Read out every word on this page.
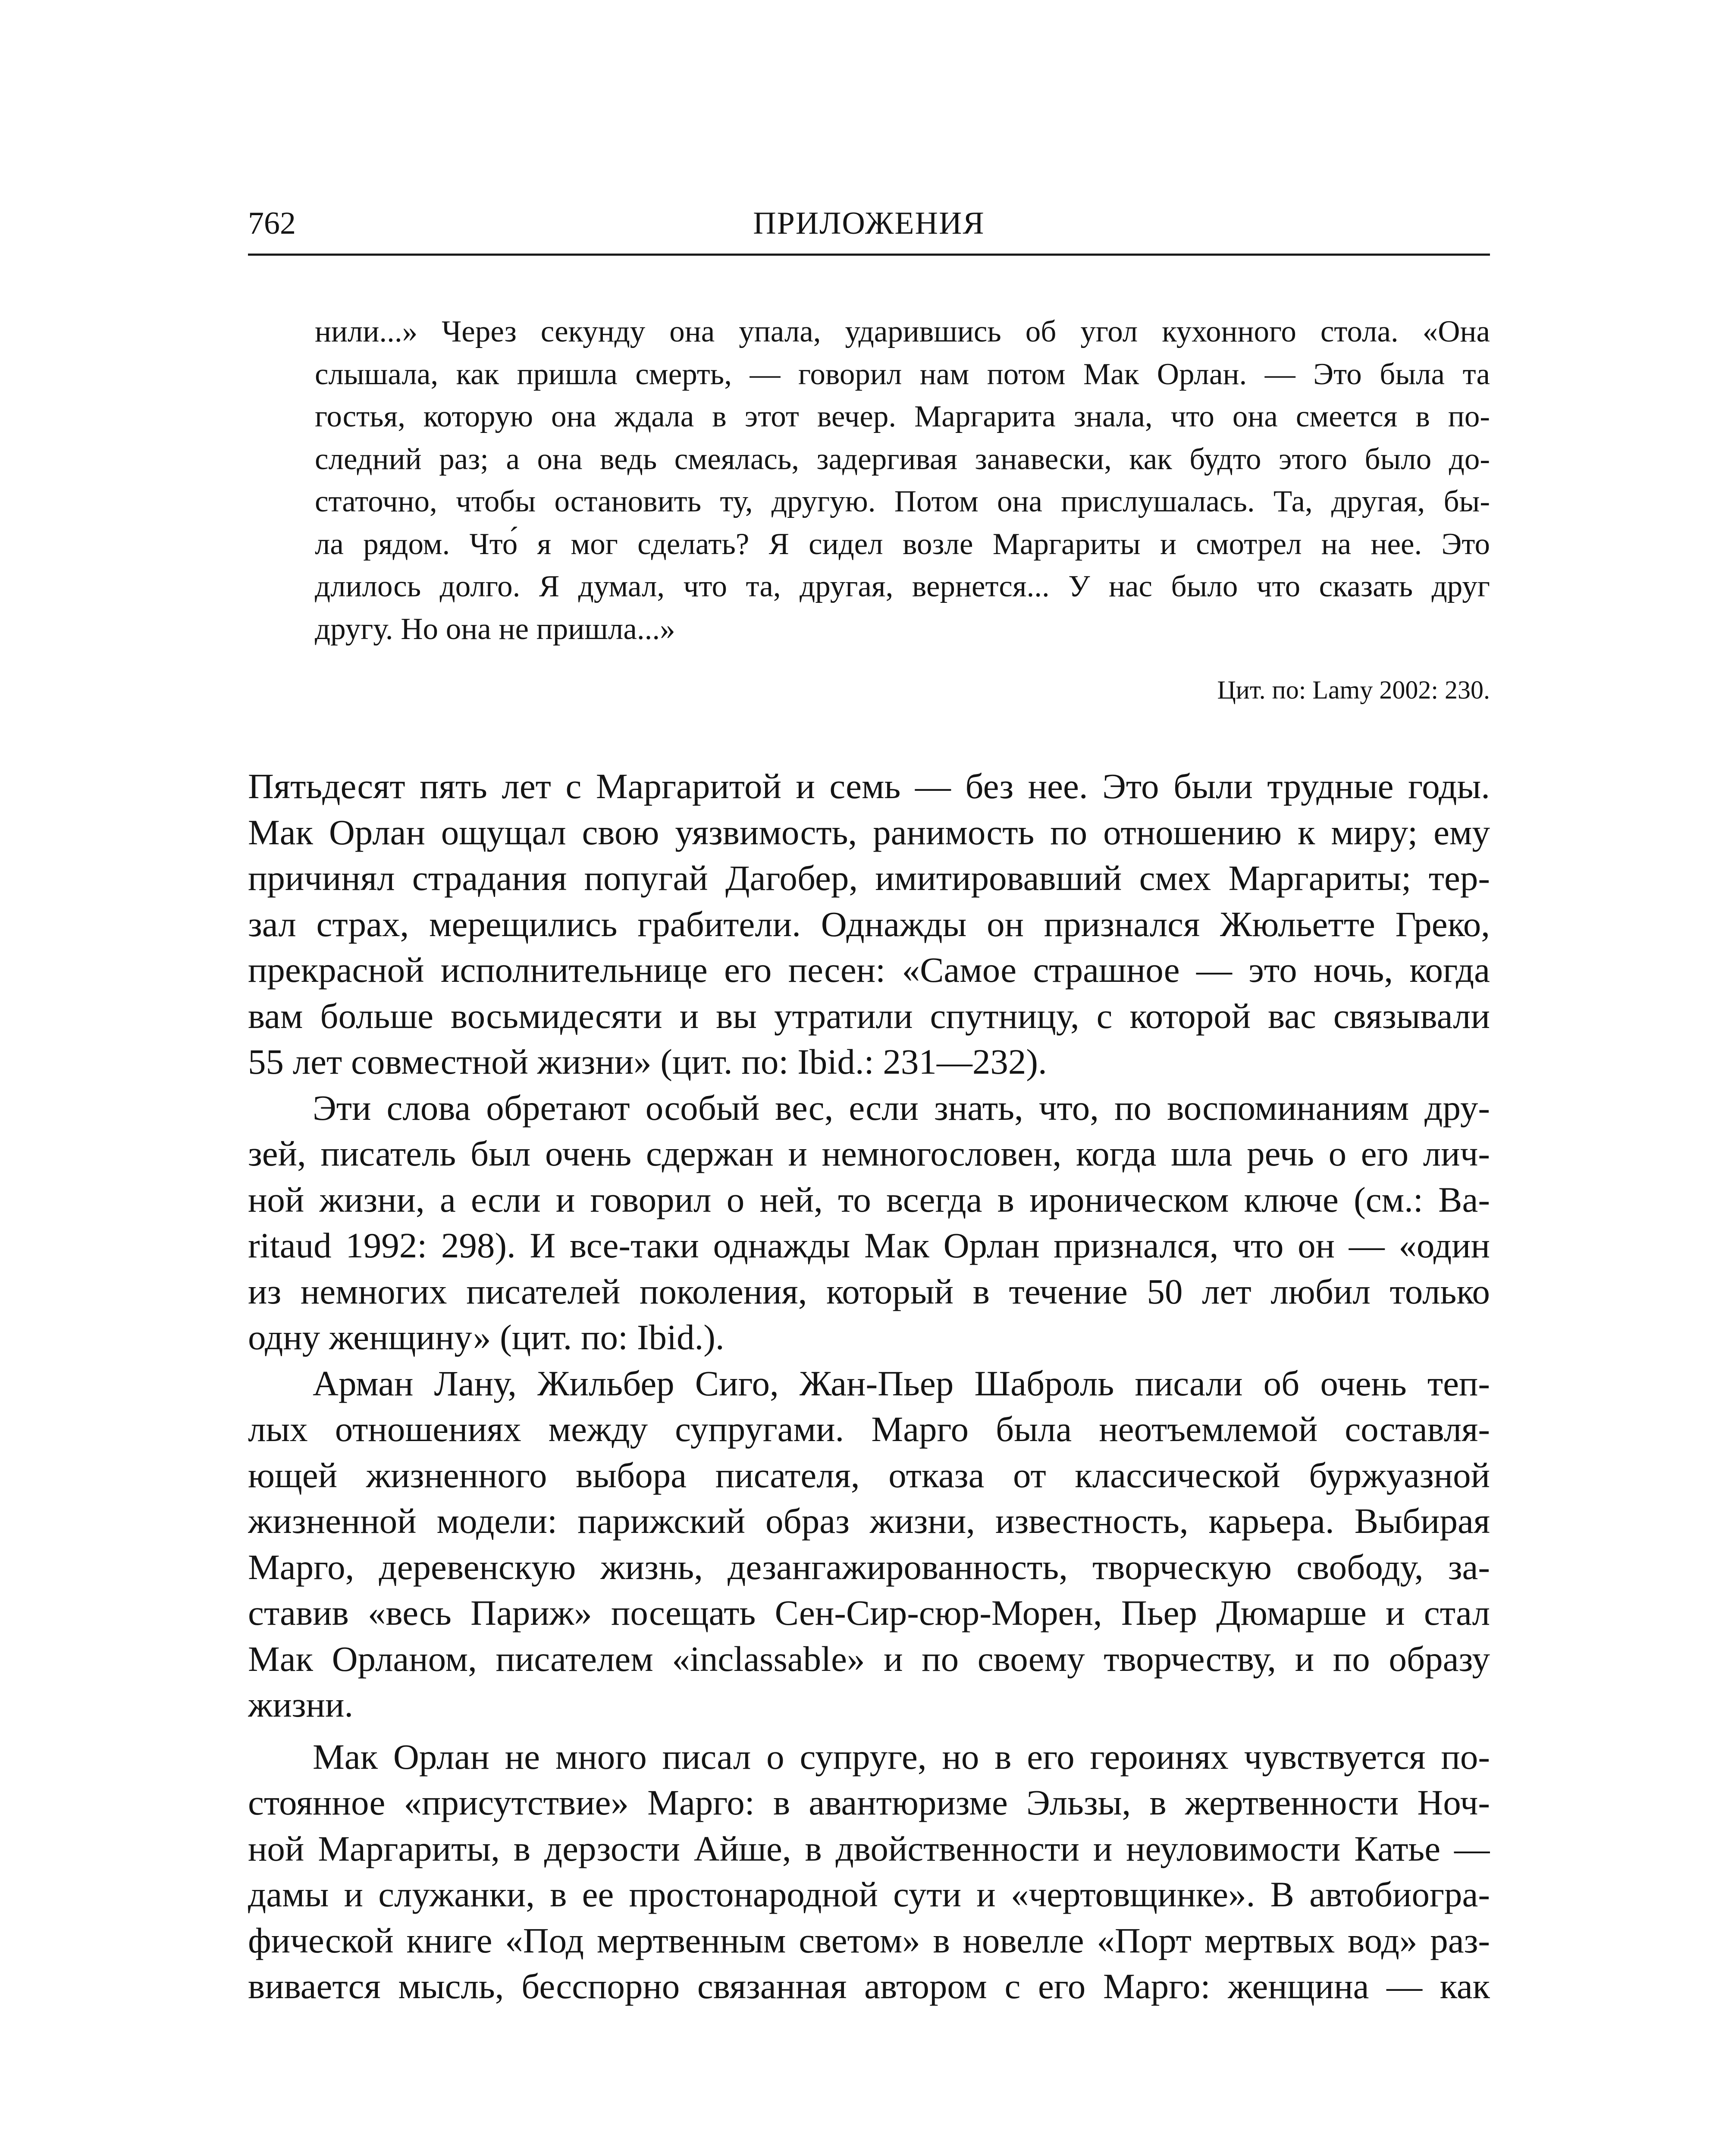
762	ПРИЛОЖЕНИЯ
нили...» Через секунду она упала, ударившись об угол кухонного стола. «Она
слышала, как пришла смерть, — говорил нам потом Мак Орлан. — Это была та
гостья, которую она ждала в этот вечер. Маргарита знала, что она смеется в по-
следний раз; а она ведь смеялась, задергивая занавески, как будто этого было до-
статочно, чтобы остановить ту, другую. Потом она прислушалась. Та, другая, бы-
ла рядом. Что́ я мог сделать? Я сидел возле Маргариты и смотрел на нее. Это
длилось долго. Я думал, что та, другая, вернется... У нас было что сказать друг
другу. Но она не пришла...»
Цит. по: Lamy 2002: 230.
Пятьдесят пять лет с Маргаритой и семь — без нее. Это были трудные годы.
Мак Орлан ощущал свою уязвимость, ранимость по отношению к миру; ему
причинял страдания попугай Дагобер, имитировавший смех Маргариты; тер-
зал страх, мерещились грабители. Однажды он признался Жюльетте Греко,
прекрасной исполнительнице его песен: «Самое страшное — это ночь, когда
вам больше восьмидесяти и вы утратили спутницу, с которой вас связывали
55 лет совместной жизни» (цит. по: Ibid.: 231—232).
Эти слова обретают особый вес, если знать, что, по воспоминаниям дру-
зей, писатель был очень сдержан и немногословен, когда шла речь о его лич-
ной жизни, а если и говорил о ней, то всегда в ироническом ключе (см.: Ba-
ritaud 1992: 298). И все-таки однажды Мак Орлан признался, что он — «один
из немногих писателей поколения, который в течение 50 лет любил только
одну женщину» (цит. по: Ibid.).
Арман Лану, Жильбер Сиго, Жан-Пьер Шаброль писали об очень теп-
лых отношениях между супругами. Марго была неотъемлемой составля-
ющей жизненного выбора писателя, отказа от классической буржуазной
жизненной модели: парижский образ жизни, известность, карьера. Выбирая
Марго, деревенскую жизнь, дезангажированность, творческую свободу, за-
ставив «весь Париж» посещать Сен-Сир-сюр-Морен, Пьер Дюмарше и стал
Мак Орланом, писателем «inclassable» и по своему творчеству, и по образу
жизни.
Мак Орлан не много писал о супруге, но в его героинях чувствуется по-
стоянное «присутствие» Марго: в авантюризме Эльзы, в жертвенности Ноч-
ной Маргариты, в дерзости Айше, в двойственности и неуловимости Катье —
дамы и служанки, в ее простонародной сути и «чертовщинке». В автобиогра-
фической книге «Под мертвенным светом» в новелле «Порт мертвых вод» раз-
вивается мысль, бесспорно связанная автором с его Марго: женщина — как
